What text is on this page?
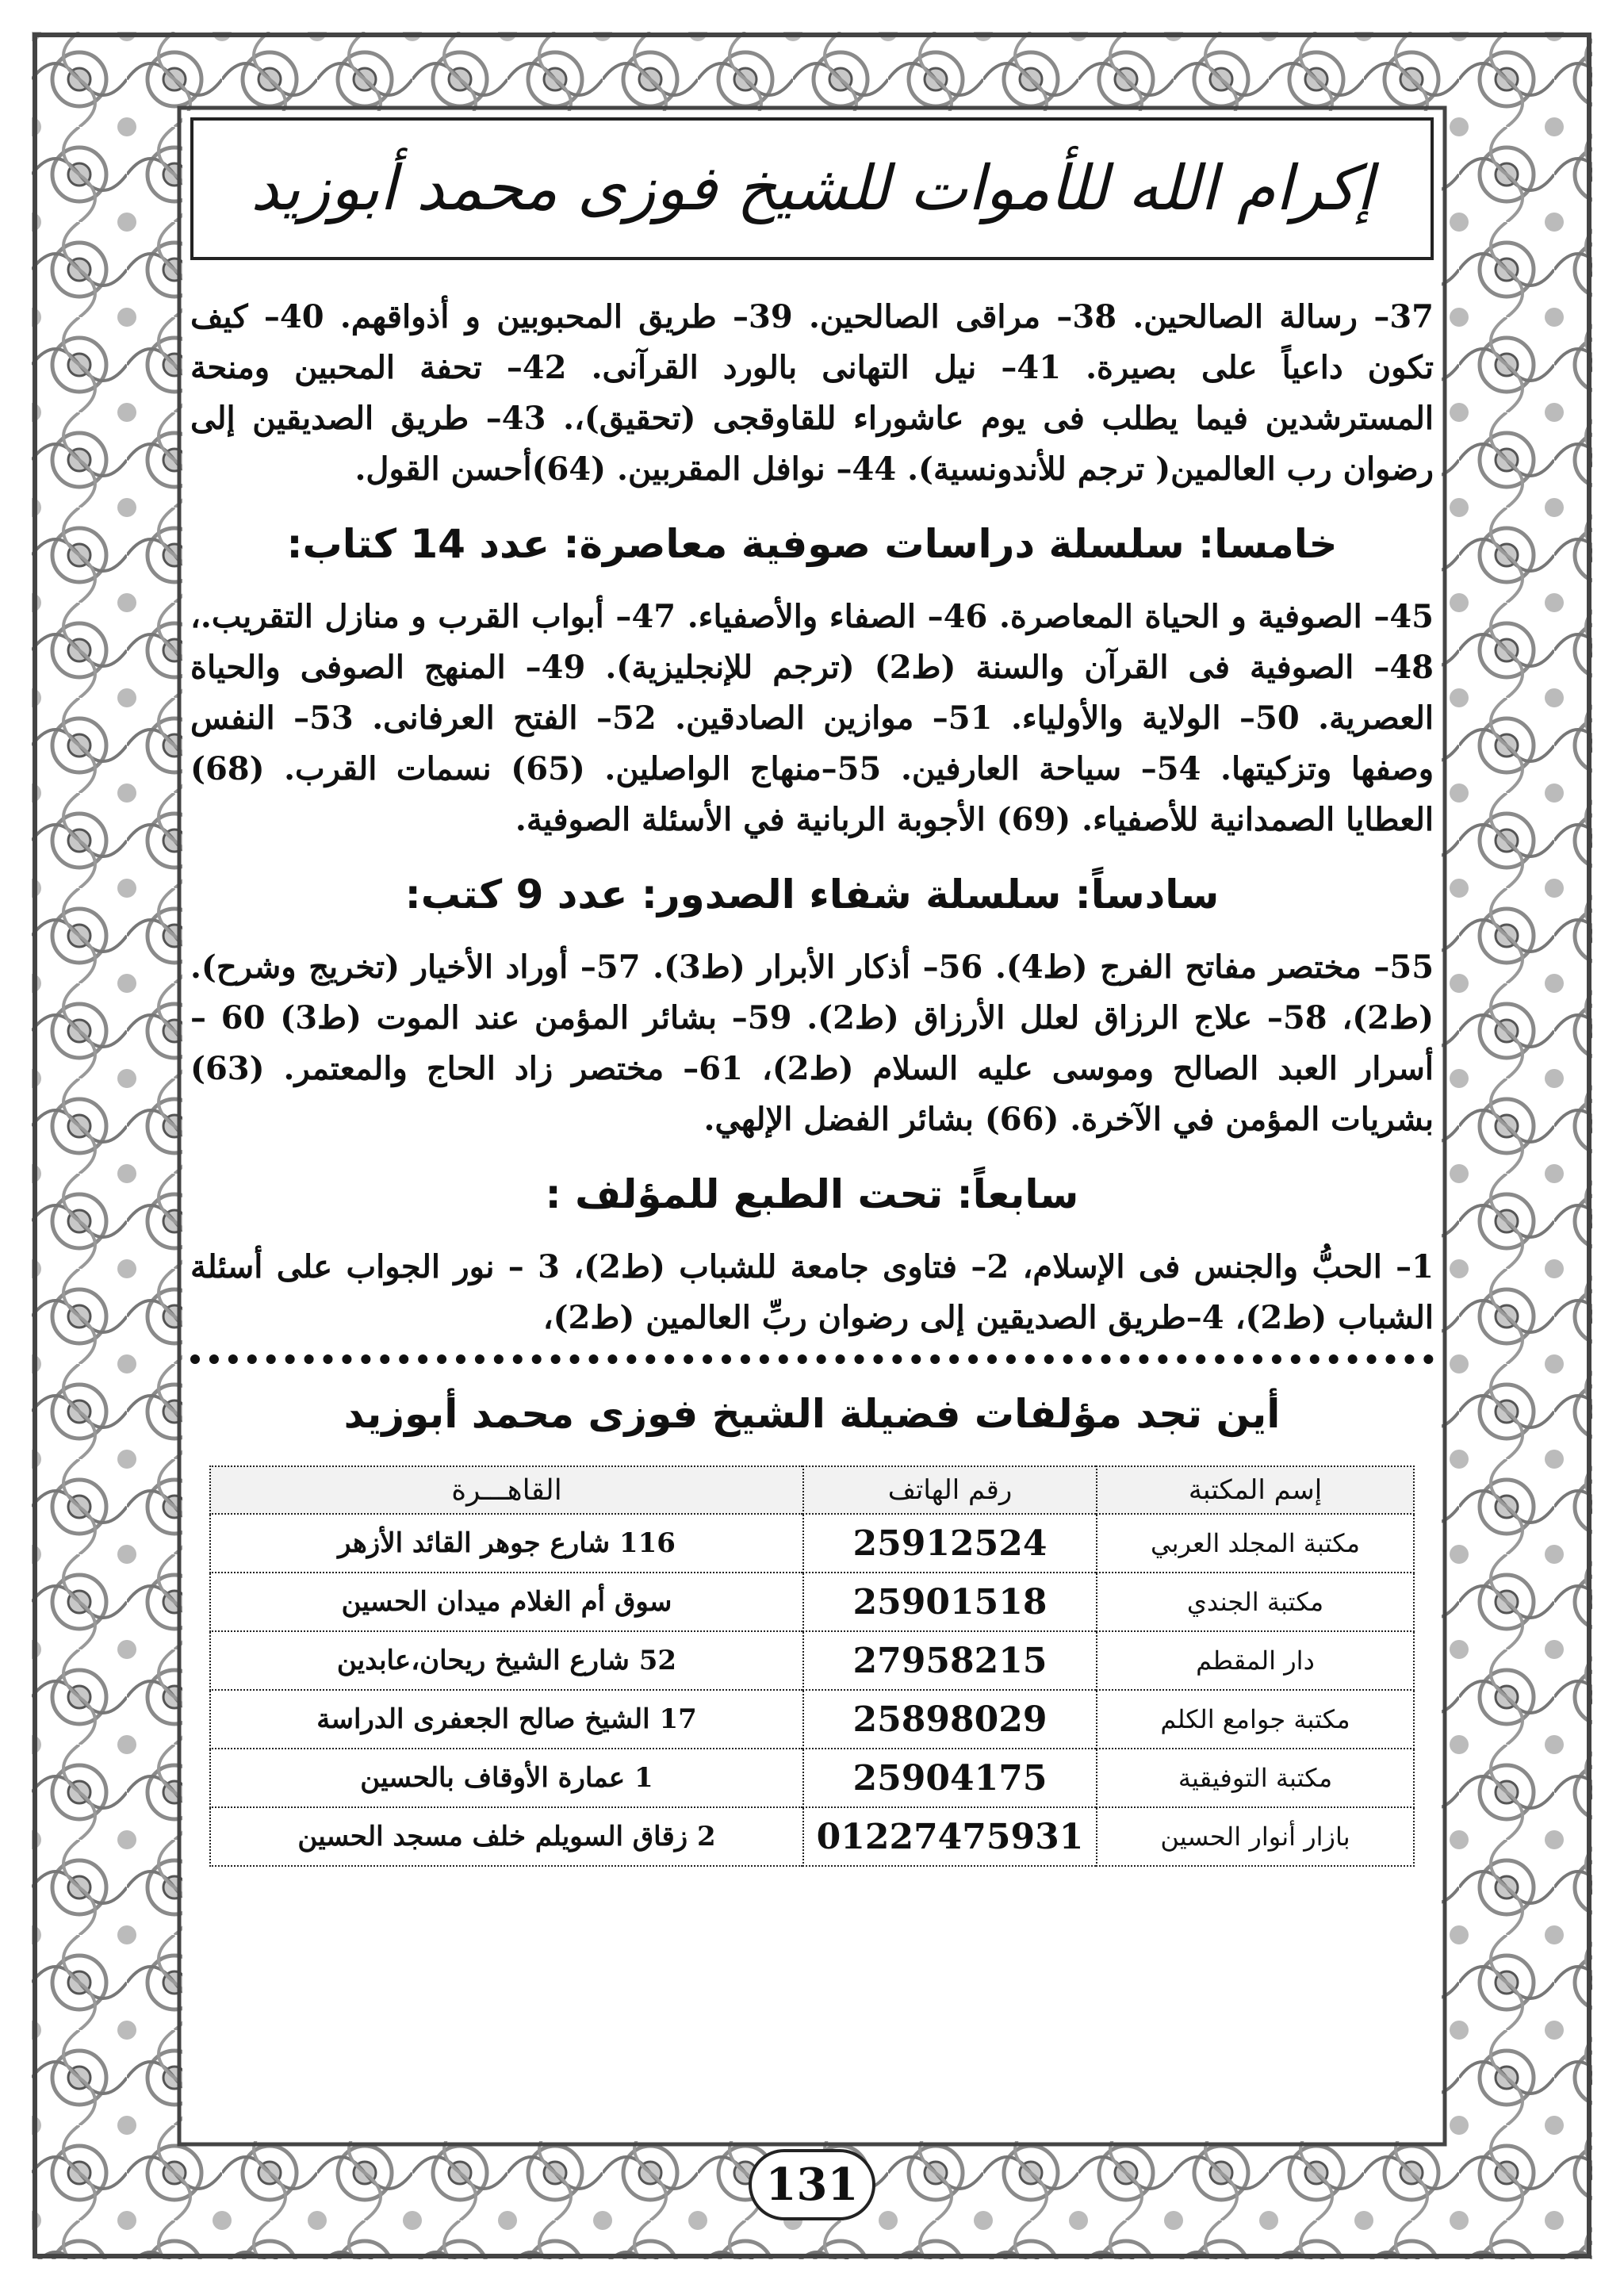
إكرام الله للأموات للشيخ فوزى محمد أبوزيد

37– رسالة الصالحين. 38– مراقى الصالحين. 39– طريق المحبوبين و أذواقهم. 40– كيف تكون داعياً على بصيرة. 41– نيل التهانى بالورد القرآنى. 42– تحفة المحبين ومنحة المسترشدين فيما يطلب فى يوم عاشوراء للقاوقجى (تحقيق)،. 43– طريق الصديقين إلى رضوان رب العالمين( ترجم للأندونسية). 44– نوافل المقربين. (64)أحسن القول.

خامسا: سلسلة دراسات صوفية معاصرة: عدد 14 كتاب:

45– الصوفية و الحياة المعاصرة. 46– الصفاء والأصفياء. 47– أبواب القرب و منازل التقريب.، 48– الصوفية فى القرآن والسنة (ط2) (ترجم للإنجليزية). 49– المنهج الصوفى والحياة العصرية. 50– الولاية والأولياء. 51– موازين الصادقين. 52– الفتح العرفانى. 53– النفس وصفها وتزكيتها. 54– سياحة العارفين. 55–منهاج الواصلين. (65) نسمات القرب. (68) العطايا الصمدانية للأصفياء. (69) الأجوبة الربانية في الأسئلة الصوفية.

سادساً: سلسلة شفاء الصدور: عدد 9 كتب:

55– مختصر مفاتح الفرج (ط4). 56– أذكار الأبرار (ط3). 57– أوراد الأخيار (تخريج وشرح). (ط2)، 58– علاج الرزاق لعلل الأرزاق (ط2). 59– بشائر المؤمن عند الموت (ط3) 60 – أسرار العبد الصالح وموسى عليه السلام (ط2)، 61– مختصر زاد الحاج والمعتمر. (63) بشريات المؤمن في الآخرة. (66) بشائر الفضل الإلهي.

سابعاً: تحت الطبع للمؤلف :

1– الحبُّ والجنس فى الإسلام، 2– فتاوى جامعة للشباب (ط2)، 3 – نور الجواب على أسئلة الشباب (ط2)، 4–طريق الصديقين إلى رضوان ربِّ العالمين (ط2)،

أين تجد مؤلفات فضيلة الشيخ فوزى محمد أبوزيد
إسم المكتبة	رقم الهاتف	القاهـــرة
مكتبة المجلد العربي	25912524	116 شارع جوهر القائد الأزهر
مكتبة الجندي	25901518	سوق أم الغلام ميدان الحسين
دار المقطم	27958215	52 شارع الشيخ ريحان،عابدين
مكتبة جوامع الكلم	25898029	17 الشيخ صالح الجعفرى الدراسة
مكتبة التوفيقية	25904175	1 عمارة الأوقاف بالحسين
بازار أنوار الحسين	01227475931	2 زقاق السويلم خلف مسجد الحسين
131
